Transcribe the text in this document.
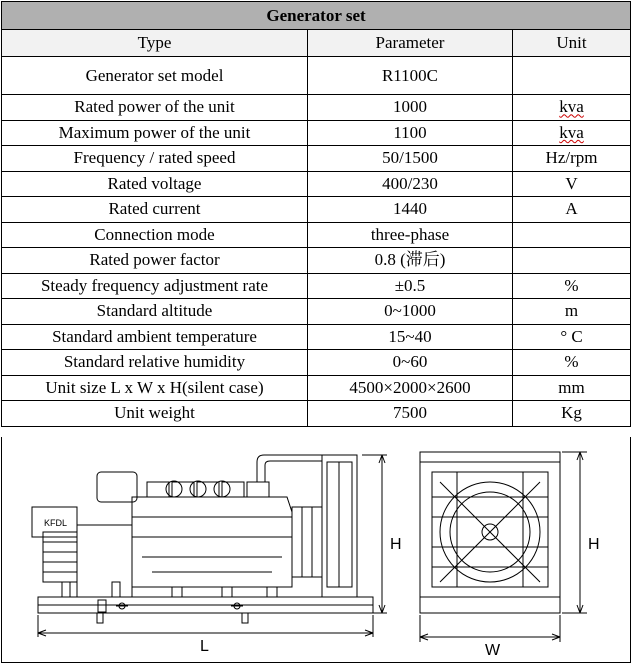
Generator set		
Type	Parameter	Unit
Generator set model	R1100C	
Rated power of the unit	1000	kva
Maximum power of the unit	1100	kva
Frequency / rated speed	50/1500	Hz/rpm
Rated voltage	400/230	V
Rated current	1440	A
Connection mode	three-phase	
Rated power factor	0.8 (滞后)	
Steady frequency adjustment rate	±0.5	%
Standard altitude	0~1000	m
Standard ambient temperature	15~40	° C
Standard relative humidity	0~60	%
Unit size L x W x H(silent case)	4500×2000×2600	mm
Unit weight	7500	Kg
KFDL
L
H
W
H
